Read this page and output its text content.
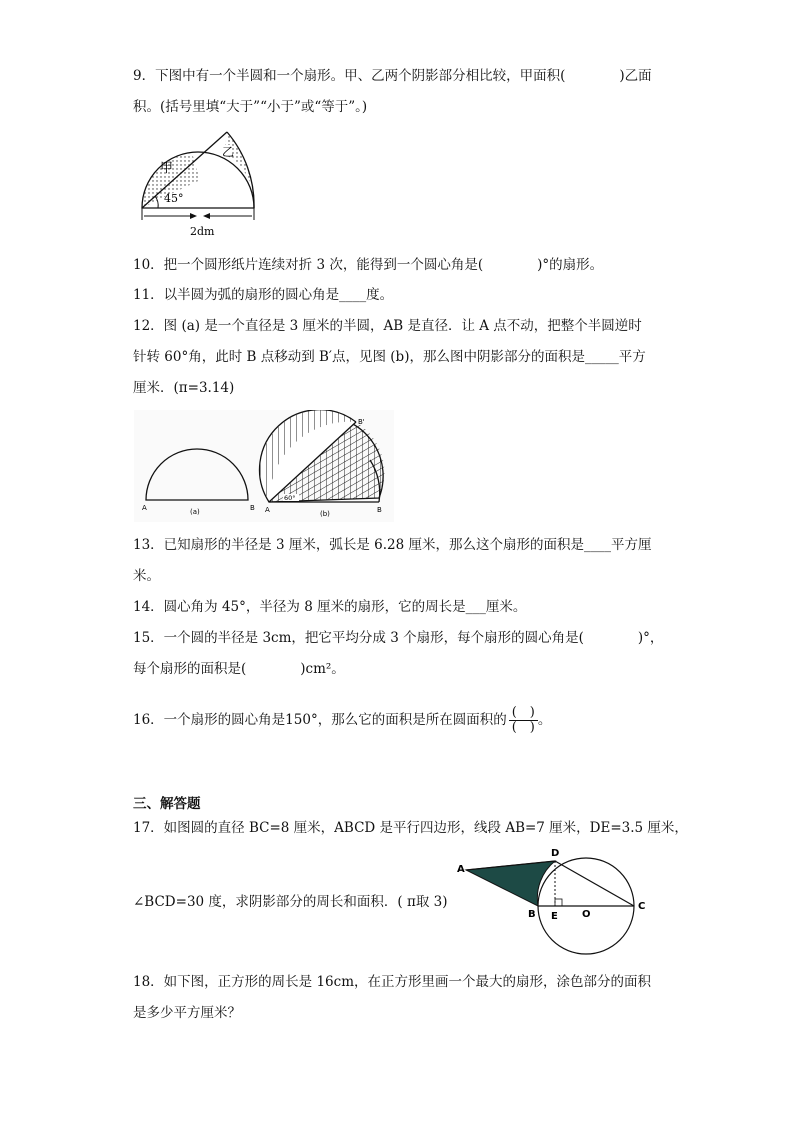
9．下图中有一个半圆和一个扇形。甲、乙两个阴影部分相比较，甲面积(　　　　)乙面
积。(括号里填“大于”“小于”或“等于”。)
甲
乙
45°
2dm
10．把一个圆形纸片连续对折 3 次，能得到一个圆心角是(　　　　)°的扇形。
11．以半圆为弧的扇形的圆心角是____度。
12．图 (a) 是一个直径是 3 厘米的半圆，AB 是直径．让 A 点不动，把整个半圆逆时
针转 60°角，此时 B 点移动到 B′点，见图 (b)，那么图中阴影部分的面积是_____平方
厘米．(π=3.14)
A	B
(a)
60°
A	B
B'
(b)
13．已知扇形的半径是 3 厘米，弧长是 6.28 厘米，那么这个扇形的面积是____平方厘
米。
14．圆心角为 45°，半径为 8 厘米的扇形，它的周长是___厘米。
15．一个圆的半径是 3cm，把它平均分成 3 个扇形，每个扇形的圆心角是(　　　　)°，
每个扇形的面积是(　　　　)cm²。
16．一个扇形的圆心角是150°，那么它的面积是所在圆面积的 $\frac{( )}{( )}$ 。
三、解答题
17．如图圆的直径 BC=8 厘米，ABCD 是平行四边形，线段 AB=7 厘米，DE=3.5 厘米，
∠BCD=30 度，求阴影部分的周长和面积．( π取 3)
A
B
C
D
E O
18．如下图，正方形的周长是 16cm，在正方形里画一个最大的扇形，涂色部分的面积
是多少平方厘米？
